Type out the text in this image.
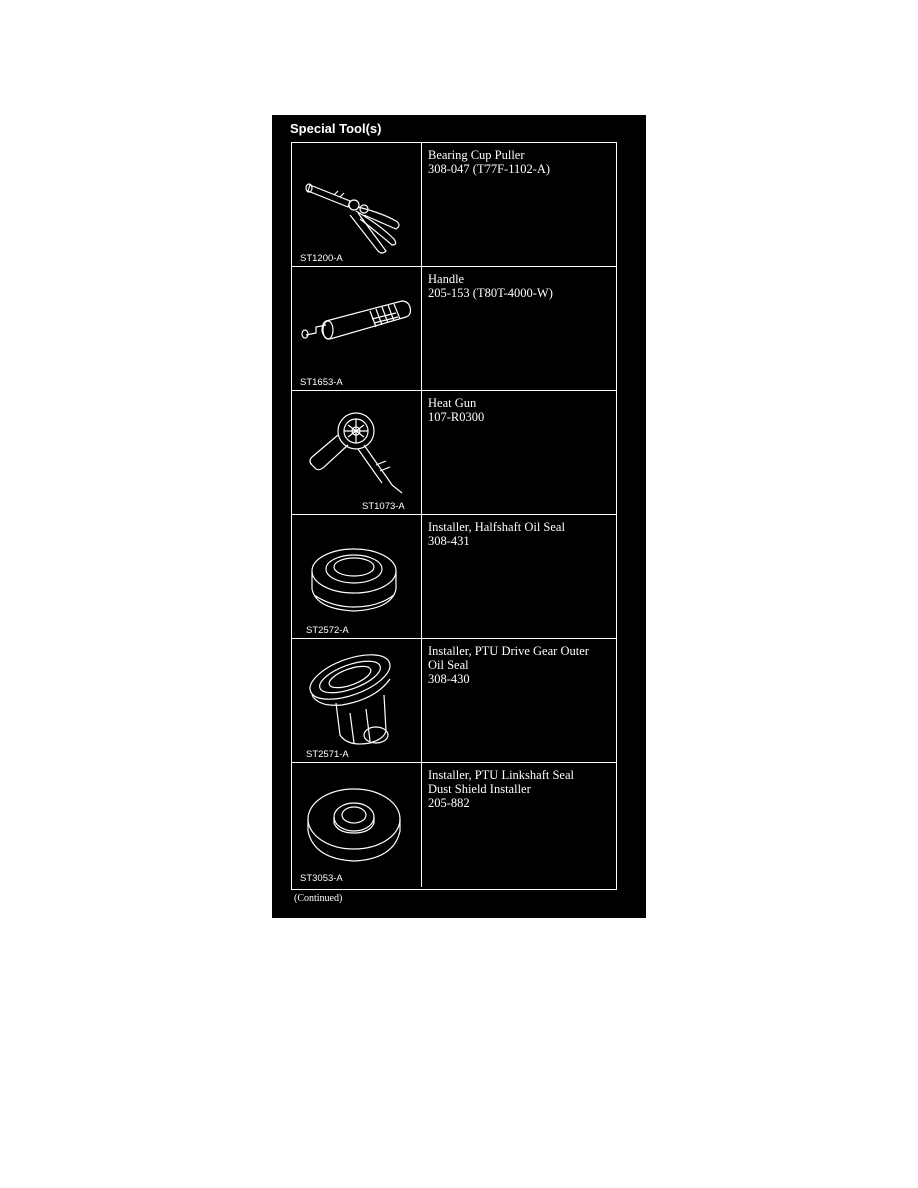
Special Tool(s)
ST1200-A
Bearing Cup Puller
308-047 (T77F-1102-A)
ST1653-A
Handle
205-153 (T80T-4000-W)
ST1073-A
Heat Gun
107-R0300
ST2572-A
Installer, Halfshaft Oil Seal
308-431
ST2571-A
Installer, PTU Drive Gear Outer
Oil Seal
308-430
ST3053-A
Installer, PTU Linkshaft Seal
Dust Shield Installer
205-882
(Continued)
